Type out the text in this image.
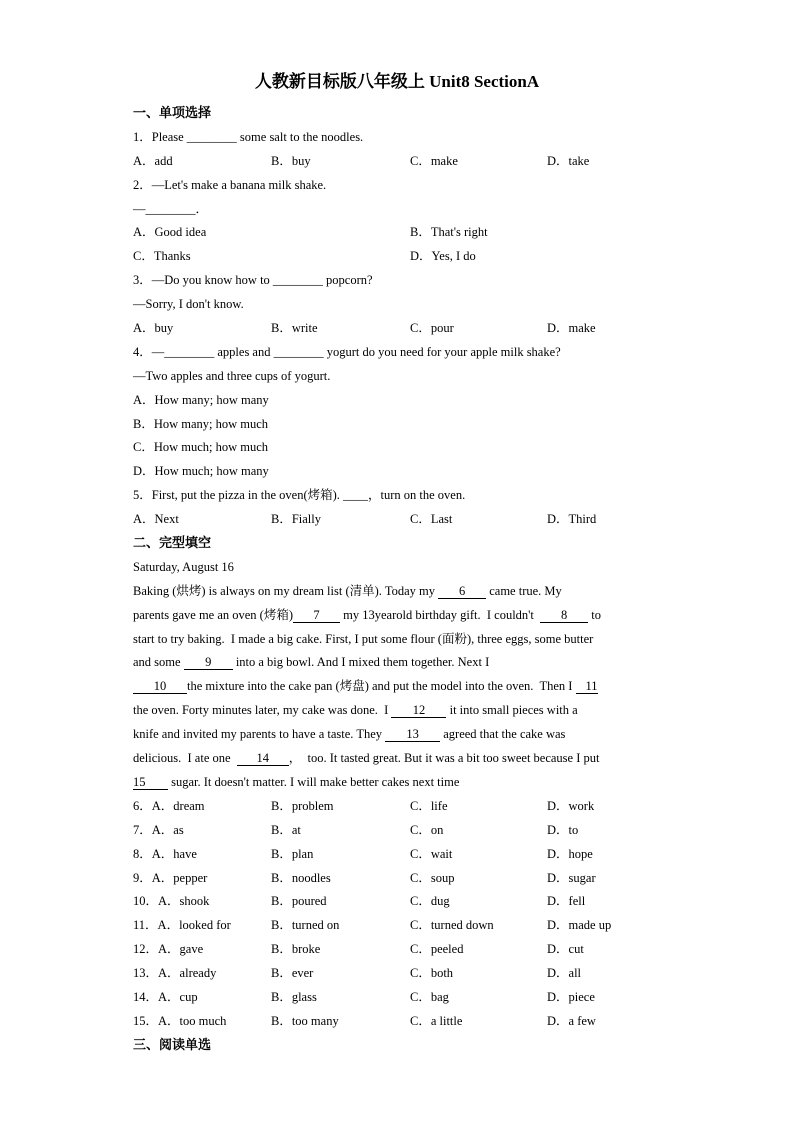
人教新目标版八年级上 Unit8 SectionA
一、单项选择
1．Please ________ some salt to the noodles.

A．add

	B．buy

	C．make

	D．take

2．—Let's make a banana milk shake.
—________．

A．Good idea

	B．That's right

C．Thanks

	D．Yes, I do

3．—Do you know how to ________ popcorn?
—Sorry, I don't know.

A．buy

	B．write

	C．pour

	D．make

4．—________ apples and ________ yogurt do you need for your apple milk shake?
—Two apples and three cups of yogurt.
A．How many; how many
B．How many; how much
C．How much; how much
D．How much; how many
5．First, put the pizza in the oven(烤箱). ____，turn on the oven.

A．Next

	B．Fially

	C．Last

	D．Third

二、完型填空
Saturday, August 16
Baking (烘烤) is always on my dream list (清单). Today my 6 came true. My
parents gave me an oven (烤箱) 7 my 13yearold birthday gift.  I couldn't  8 to
start to try baking.  I made a big cake. First, I put some flour (面粉), three eggs, some butter
and some 9 into a big bowl. And I mixed them together. Next I
10 the mixture into the cake pan (烤盘) and put the model into the oven.  Then I 11
the oven. Forty minutes later, my cake was done.  I 12 it into small pieces with a
knife and invited my parents to have a taste. They 13 agreed that the cake was
delicious.  I ate one  14 ，  too. It tasted great. But it was a bit too sweet because I put
15 sugar. It doesn't matter. I will make better cakes next time

6．A．dream

	B．problem

	C．life

	D．work

7．A．as

	B．at

	C．on

	D．to

8．A．have

	B．plan

	C．wait

	D．hope

9．A．pepper

	B．noodles

	C．soup

	D．sugar

10．A．shook

	B．poured

	C．dug

	D．fell

11．A．looked for

	B．turned on

	C．turned down

	D．made up

12．A．gave

	B．broke

	C．peeled

	D．cut

13．A．already

	B．ever

	C．both

	D．all

14．A．cup

	B．glass

	C．bag

	D．piece

15．A．too much

	B．too many

	C．a little

	D．a few

三、阅读单选
